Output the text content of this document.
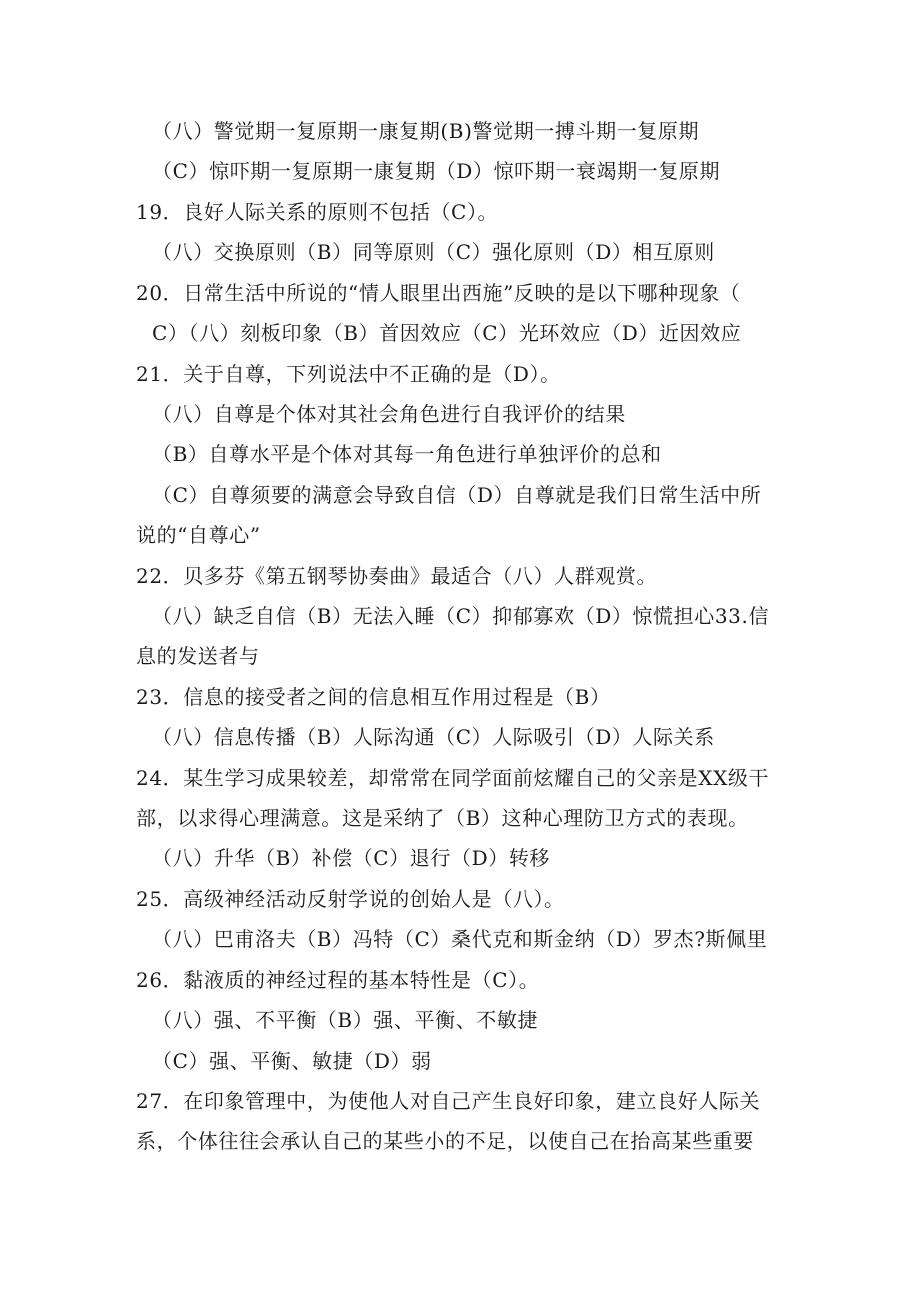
（八）警觉期一复原期一康复期(B)警觉期一搏斗期一复原期
（C）惊吓期一复原期一康复期（D）惊吓期一衰竭期一复原期
19．良好人际关系的原则不包括（C）。
（八）交换原则（B）同等原则（C）强化原则（D）相互原则
20．日常生活中所说的“情人眼里出西施”反映的是以下哪种现象（
C）（八）刻板印象（B）首因效应（C）光环效应（D）近因效应
21．关于自尊，下列说法中不正确的是（D）。
（八）自尊是个体对其社会角色进行自我评价的结果
（B）自尊水平是个体对其每一角色进行单独评价的总和
（C）自尊须要的满意会导致自信（D）自尊就是我们日常生活中所
说的“自尊心”
22．贝多芬《第五钢琴协奏曲》最适合（八）人群观赏。
（八）缺乏自信（B）无法入睡（C）抑郁寡欢（D）惊慌担心33.信
息的发送者与
23．信息的接受者之间的信息相互作用过程是（B）
（八）信息传播（B）人际沟通（C）人际吸引（D）人际关系
24．某生学习成果较差，却常常在同学面前炫耀自己的父亲是XX级干
部，以求得心理满意。这是采纳了（B）这种心理防卫方式的表现。
（八）升华（B）补偿（C）退行（D）转移
25．高级神经活动反射学说的创始人是（八）。
（八）巴甫洛夫（B）冯特（C）桑代克和斯金纳（D）罗杰?斯佩里
26．黏液质的神经过程的基本特性是（C）。
（八）强、不平衡（B）强、平衡、不敏捷
（C）强、平衡、敏捷（D）弱
27．在印象管理中，为使他人对自己产生良好印象，建立良好人际关
系，个体往往会承认自己的某些小的不足，以使自己在抬高某些重要
